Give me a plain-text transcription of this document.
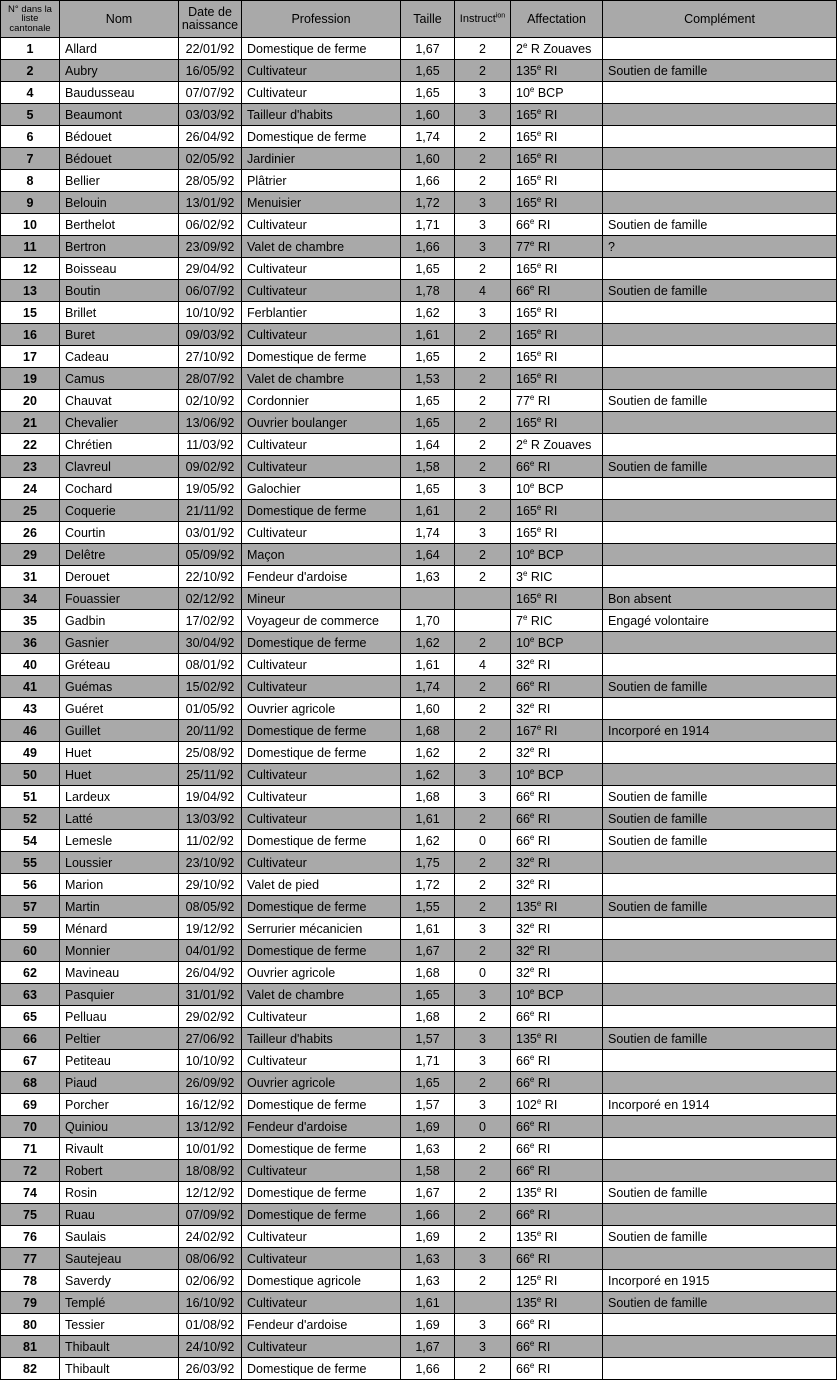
N° dans la
liste
cantonale	Nom	Date de
naissance	Profession	Taille	Instruct$^{ion}$	Affectation	Complément
1	Allard	22/01/92	Domestique de ferme	1,67	2	2e R Zouaves	
2	Aubry	16/05/92	Cultivateur	1,65	2	135e RI	Soutien de famille
4	Baudusseau	07/07/92	Cultivateur	1,65	3	10e BCP	
5	Beaumont	03/03/92	Tailleur d'habits	1,60	3	165e RI	
6	Bédouet	26/04/92	Domestique de ferme	1,74	2	165e RI	
7	Bédouet	02/05/92	Jardinier	1,60	2	165e RI	
8	Bellier	28/05/92	Plâtrier	1,66	2	165e RI	
9	Belouin	13/01/92	Menuisier	1,72	3	165e RI	
10	Berthelot	06/02/92	Cultivateur	1,71	3	66e RI	Soutien de famille
11	Bertron	23/09/92	Valet de chambre	1,66	3	77e RI	?
12	Boisseau	29/04/92	Cultivateur	1,65	2	165e RI	
13	Boutin	06/07/92	Cultivateur	1,78	4	66e RI	Soutien de famille
15	Brillet	10/10/92	Ferblantier	1,62	3	165e RI	
16	Buret	09/03/92	Cultivateur	1,61	2	165e RI	
17	Cadeau	27/10/92	Domestique de ferme	1,65	2	165e RI	
19	Camus	28/07/92	Valet de chambre	1,53	2	165e RI	
20	Chauvat	02/10/92	Cordonnier	1,65	2	77e RI	Soutien de famille
21	Chevalier	13/06/92	Ouvrier boulanger	1,65	2	165e RI	
22	Chrétien	11/03/92	Cultivateur	1,64	2	2e R Zouaves	
23	Clavreul	09/02/92	Cultivateur	1,58	2	66e RI	Soutien de famille
24	Cochard	19/05/92	Galochier	1,65	3	10e BCP	
25	Coquerie	21/11/92	Domestique de ferme	1,61	2	165e RI	
26	Courtin	03/01/92	Cultivateur	1,74	3	165e RI	
29	Delêtre	05/09/92	Maçon	1,64	2	10e BCP	
31	Derouet	22/10/92	Fendeur d'ardoise	1,63	2	3e RIC	
34	Fouassier	02/12/92	Mineur			165e RI	Bon absent
35	Gadbin	17/02/92	Voyageur de commerce	1,70		7e RIC	Engagé volontaire
36	Gasnier	30/04/92	Domestique de ferme	1,62	2	10e BCP	
40	Gréteau	08/01/92	Cultivateur	1,61	4	32e RI	
41	Guémas	15/02/92	Cultivateur	1,74	2	66e RI	Soutien de famille
43	Guéret	01/05/92	Ouvrier agricole	1,60	2	32e RI	
46	Guillet	20/11/92	Domestique de ferme	1,68	2	167e RI	Incorporé en 1914
49	Huet	25/08/92	Domestique de ferme	1,62	2	32e RI	
50	Huet	25/11/92	Cultivateur	1,62	3	10e BCP	
51	Lardeux	19/04/92	Cultivateur	1,68	3	66e RI	Soutien de famille
52	Latté	13/03/92	Cultivateur	1,61	2	66e RI	Soutien de famille
54	Lemesle	11/02/92	Domestique de ferme	1,62	0	66e RI	Soutien de famille
55	Loussier	23/10/92	Cultivateur	1,75	2	32e RI	
56	Marion	29/10/92	Valet de pied	1,72	2	32e RI	
57	Martin	08/05/92	Domestique de ferme	1,55	2	135e RI	Soutien de famille
59	Ménard	19/12/92	Serrurier mécanicien	1,61	3	32e RI	
60	Monnier	04/01/92	Domestique de ferme	1,67	2	32e RI	
62	Mavineau	26/04/92	Ouvrier agricole	1,68	0	32e RI	
63	Pasquier	31/01/92	Valet de chambre	1,65	3	10e BCP	
65	Pelluau	29/02/92	Cultivateur	1,68	2	66e RI	
66	Peltier	27/06/92	Tailleur d'habits	1,57	3	135e RI	Soutien de famille
67	Petiteau	10/10/92	Cultivateur	1,71	3	66e RI	
68	Piaud	26/09/92	Ouvrier agricole	1,65	2	66e RI	
69	Porcher	16/12/92	Domestique de ferme	1,57	3	102e RI	Incorporé en 1914
70	Quiniou	13/12/92	Fendeur d'ardoise	1,69	0	66e RI	
71	Rivault	10/01/92	Domestique de ferme	1,63	2	66e RI	
72	Robert	18/08/92	Cultivateur	1,58	2	66e RI	
74	Rosin	12/12/92	Domestique de ferme	1,67	2	135e RI	Soutien de famille
75	Ruau	07/09/92	Domestique de ferme	1,66	2	66e RI	
76	Saulais	24/02/92	Cultivateur	1,69	2	135e RI	Soutien de famille
77	Sautejeau	08/06/92	Cultivateur	1,63	3	66e RI	
78	Saverdy	02/06/92	Domestique agricole	1,63	2	125e RI	Incorporé en 1915
79	Templé	16/10/92	Cultivateur	1,61		135e RI	Soutien de famille
80	Tessier	01/08/92	Fendeur d'ardoise	1,69	3	66e RI	
81	Thibault	24/10/92	Cultivateur	1,67	3	66e RI	
82	Thibault	26/03/92	Domestique de ferme	1,66	2	66e RI	
